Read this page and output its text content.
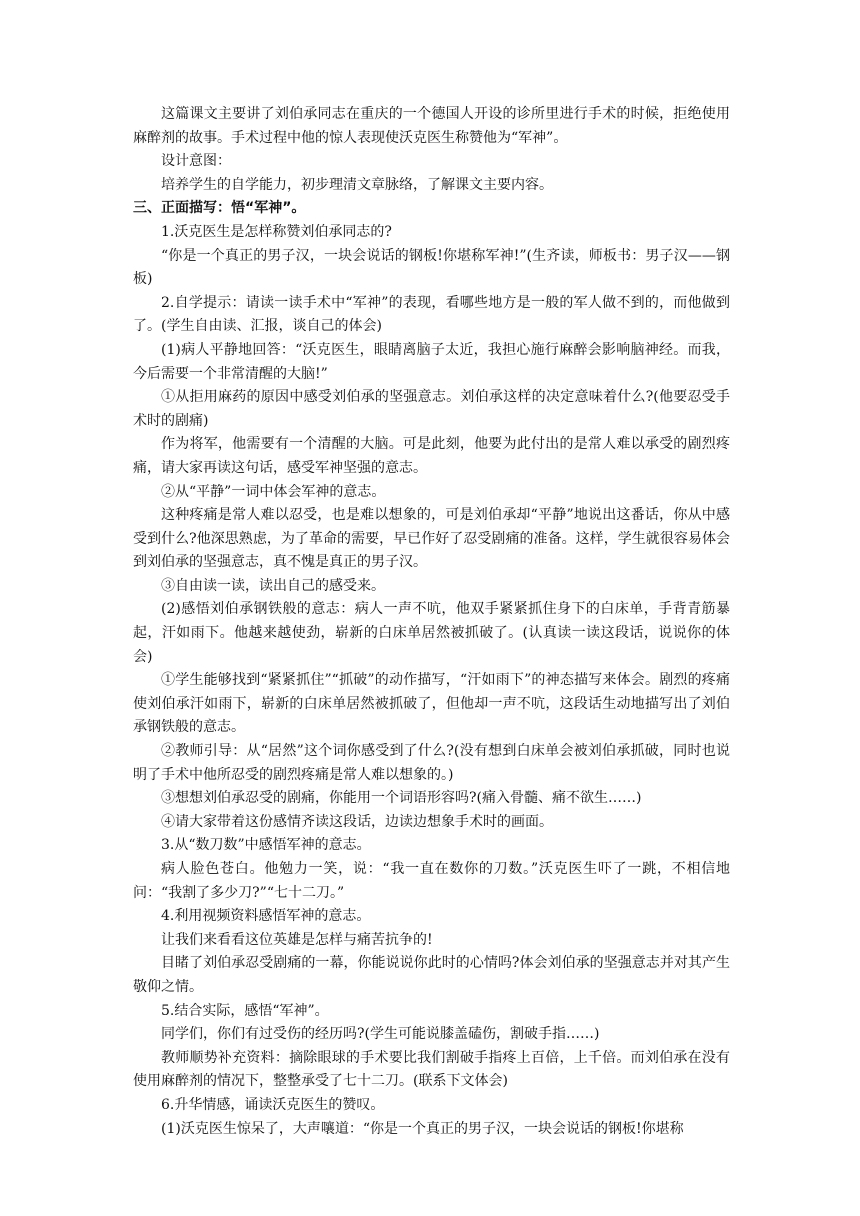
这篇课文主要讲了刘伯承同志在重庆的一个德国人开设的诊所里进行手术的时候，拒绝使用麻醉剂的故事。手术过程中他的惊人表现使沃克医生称赞他为“军神”。

设计意图：

培养学生的自学能力，初步理清文章脉络，了解课文主要内容。

三、正面描写：悟“军神”。

1.沃克医生是怎样称赞刘伯承同志的?

“你是一个真正的男子汉，一块会说话的钢板!你堪称军神!”(生齐读，师板书：男子汉——钢板)

2.自学提示：请读一读手术中“军神”的表现，看哪些地方是一般的军人做不到的，而他做到了。(学生自由读、汇报，谈自己的体会)

(1)病人平静地回答：“沃克医生，眼睛离脑子太近，我担心施行麻醉会影响脑神经。而我，今后需要一个非常清醒的大脑!”

①从拒用麻药的原因中感受刘伯承的坚强意志。刘伯承这样的决定意味着什么?(他要忍受手术时的剧痛)

作为将军，他需要有一个清醒的大脑。可是此刻，他要为此付出的是常人难以承受的剧烈疼痛，请大家再读这句话，感受军神坚强的意志。

②从“平静”一词中体会军神的意志。

这种疼痛是常人难以忍受，也是难以想象的，可是刘伯承却“平静”地说出这番话，你从中感受到什么?他深思熟虑，为了革命的需要，早已作好了忍受剧痛的准备。这样，学生就很容易体会到刘伯承的坚强意志，真不愧是真正的男子汉。

③自由读一读，读出自己的感受来。

(2)感悟刘伯承钢铁般的意志：病人一声不吭，他双手紧紧抓住身下的白床单，手背青筋暴起，汗如雨下。他越来越使劲，崭新的白床单居然被抓破了。(认真读一读这段话，说说你的体会)

①学生能够找到“紧紧抓住”“抓破”的动作描写，“汗如雨下”的神态描写来体会。剧烈的疼痛使刘伯承汗如雨下，崭新的白床单居然被抓破了，但他却一声不吭，这段话生动地描写出了刘伯承钢铁般的意志。

②教师引导：从“居然”这个词你感受到了什么?(没有想到白床单会被刘伯承抓破，同时也说明了手术中他所忍受的剧烈疼痛是常人难以想象的。)

③想想刘伯承忍受的剧痛，你能用一个词语形容吗?(痛入骨髓、痛不欲生……)

④请大家带着这份感情齐读这段话，边读边想象手术时的画面。

3.从“数刀数”中感悟军神的意志。

病人脸色苍白。他勉力一笑，说：“我一直在数你的刀数。”沃克医生吓了一跳，不相信地问：“我割了多少刀?”“七十二刀。”

4.利用视频资料感悟军神的意志。

让我们来看看这位英雄是怎样与痛苦抗争的!

目睹了刘伯承忍受剧痛的一幕，你能说说你此时的心情吗?体会刘伯承的坚强意志并对其产生敬仰之情。

5.结合实际，感悟“军神”。

同学们，你们有过受伤的经历吗?(学生可能说膝盖磕伤，割破手指……)

教师顺势补充资料：摘除眼球的手术要比我们割破手指疼上百倍，上千倍。而刘伯承在没有使用麻醉剂的情况下，整整承受了七十二刀。(联系下文体会)

6.升华情感，诵读沃克医生的赞叹。

(1)沃克医生惊呆了，大声嚷道：“你是一个真正的男子汉，一块会说话的钢板!你堪称
